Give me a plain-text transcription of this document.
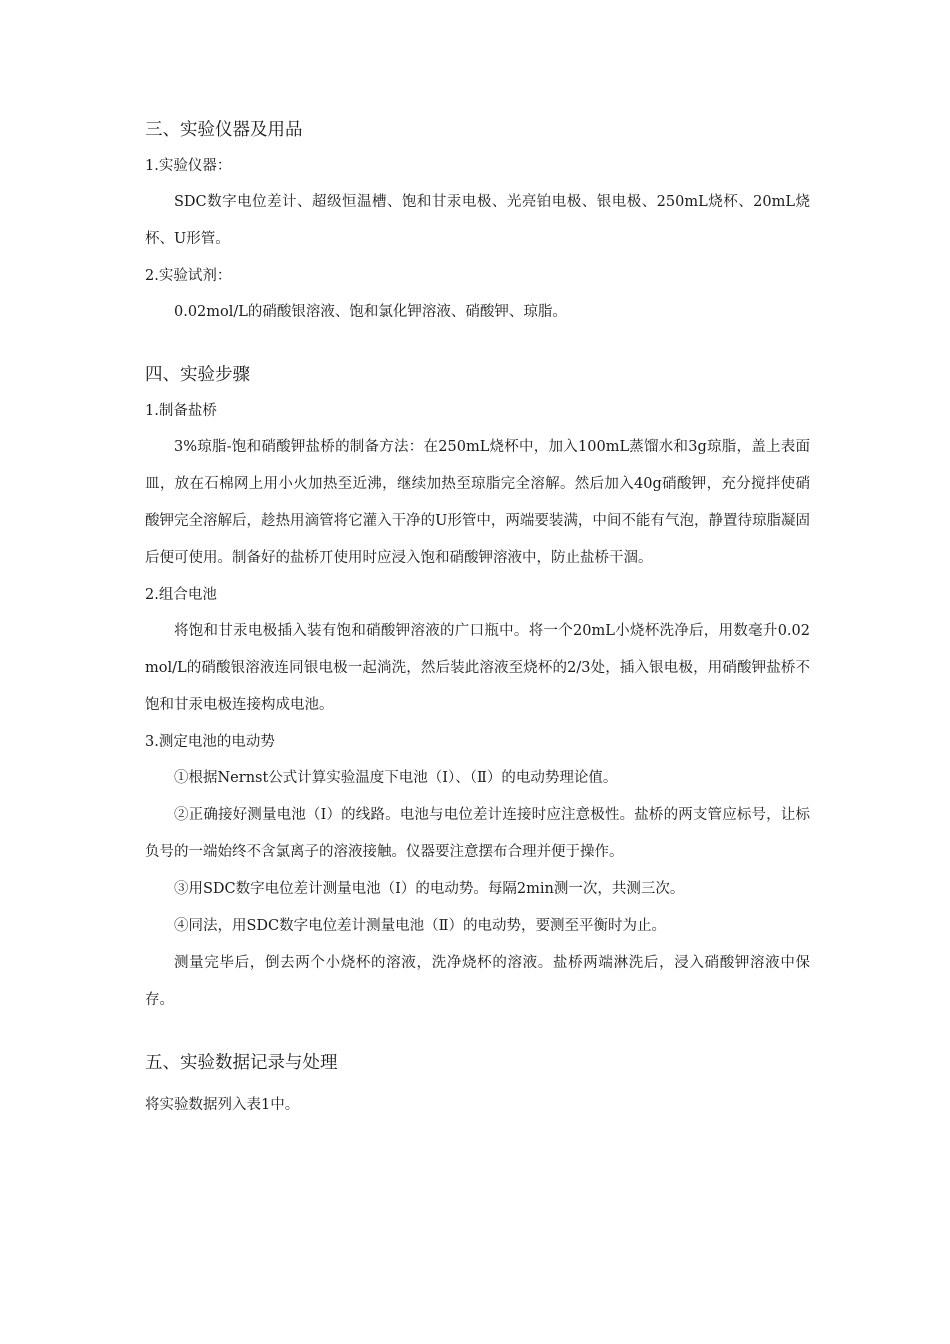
三、实验仪器及用品

1.实验仪器：

SDC数字电位差计、超级恒温槽、饱和甘汞电极、光亮铂电极、银电极、250mL烧杯、20mL烧杯、U形管。

2.实验试剂：

0.02mol/L的硝酸银溶液、饱和氯化钾溶液、硝酸钾、琼脂。

四、实验步骤

1.制备盐桥

3%琼脂-饱和硝酸钾盐桥的制备方法：在250mL烧杯中，加入100mL蒸馏水和3g琼脂，盖上表面皿，放在石棉网上用小火加热至近沸，继续加热至琼脂完全溶解。然后加入40g硝酸钾，充分搅拌使硝酸钾完全溶解后，趁热用滴管将它灌入干净的U形管中，两端要装满，中间不能有气泡，静置待琼脂凝固后便可使用。制备好的盐桥丌使用时应浸入饱和硝酸钾溶液中，防止盐桥干涸。

2.组合电池

将饱和甘汞电极插入装有饱和硝酸钾溶液的广口瓶中。将一个20mL小烧杯洗净后，用数毫升0.02mol/L的硝酸银溶液连同银电极一起淌洗，然后装此溶液至烧杯的2/3处，插入银电极，用硝酸钾盐桥不饱和甘汞电极连接构成电池。

3.测定电池的电动势

①根据Nernst公式计算实验温度下电池（Ⅰ）、（Ⅱ）的电动势理论值。

②正确接好测量电池（Ⅰ）的线路。电池与电位差计连接时应注意极性。盐桥的两支管应标号，让标负号的一端始终不含氯离子的溶液接触。仪器要注意摆布合理并便于操作。

③用SDC数字电位差计测量电池（Ⅰ）的电动势。每隔2min测一次，共测三次。

④同法，用SDC数字电位差计测量电池（Ⅱ）的电动势，要测至平衡时为止。

测量完毕后，倒去两个小烧杯的溶液，洗净烧杯的溶液。盐桥两端淋洗后，浸入硝酸钾溶液中保存。

五、实验数据记录与处理

将实验数据列入表1中。
